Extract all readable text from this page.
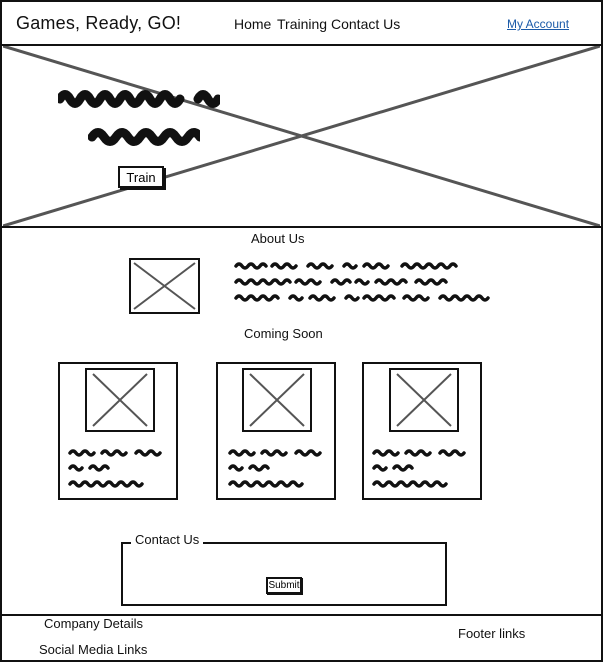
Games, Ready, GO!	Home Training Contact Us	My Account
Train
About Us
Coming Soon
Contact Us
Submit
Company Details
Social Media Links
Footer links
